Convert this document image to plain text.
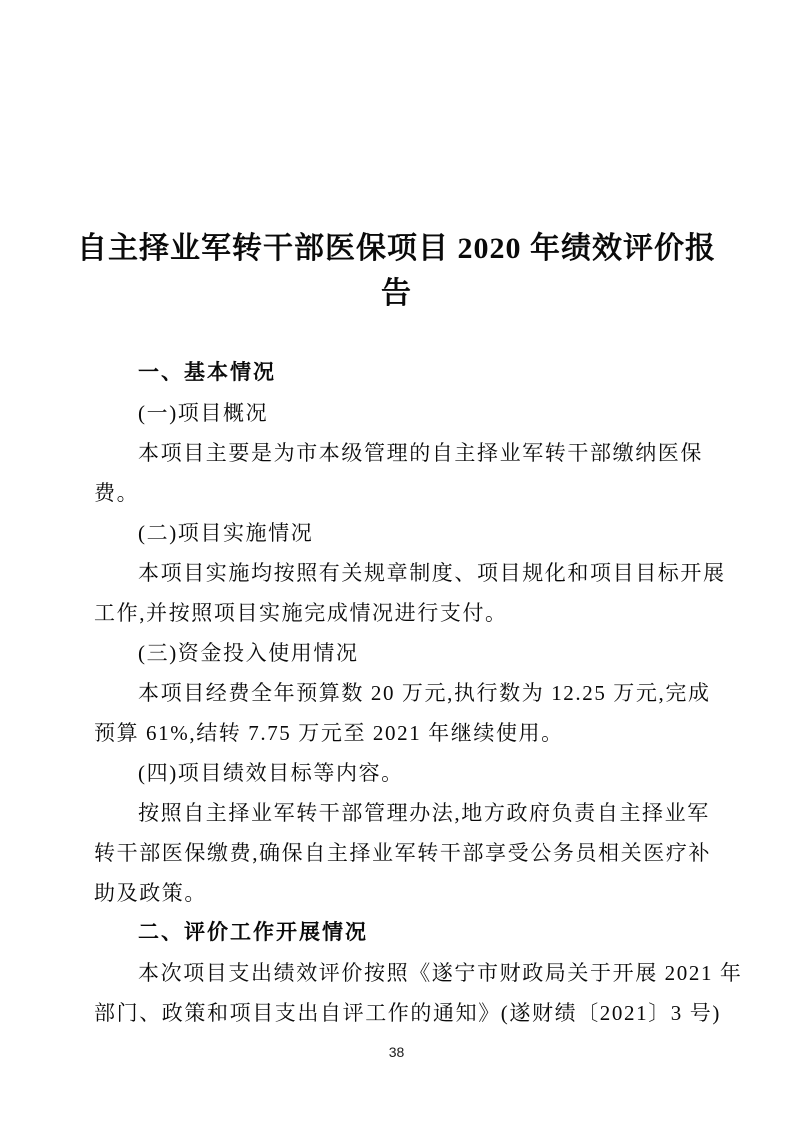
自主择业军转干部医保项目 2020 年绩效评价报
告
一、基本情况
(一)项目概况
本项目主要是为市本级管理的自主择业军转干部缴纳医保
费。
(二)项目实施情况
本项目实施均按照有关规章制度、项目规化和项目目标开展
工作,并按照项目实施完成情况进行支付。
(三)资金投入使用情况
本项目经费全年预算数 20 万元,执行数为 12.25 万元,完成
预算 61%,结转 7.75 万元至 2021 年继续使用。
(四)项目绩效目标等内容。
按照自主择业军转干部管理办法,地方政府负责自主择业军
转干部医保缴费,确保自主择业军转干部享受公务员相关医疗补
助及政策。
二、评价工作开展情况
本次项目支出绩效评价按照《遂宁市财政局关于开展 2021 年
部门、政策和项目支出自评工作的通知》(遂财绩〔2021〕3 号)
38
